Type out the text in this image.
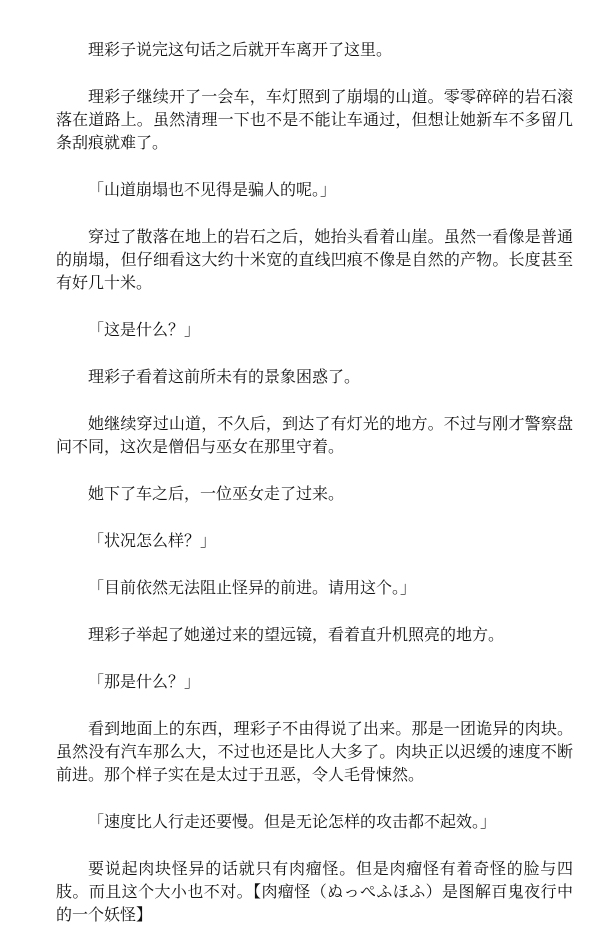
理彩子说完这句话之后就开车离开了这里。

理彩子继续开了一会车，车灯照到了崩塌的山道。零零碎碎的岩石滚落在道路上。虽然清理一下也不是不能让车通过，但想让她新车不多留几条刮痕就难了。

「山道崩塌也不见得是骗人的呢。」

穿过了散落在地上的岩石之后，她抬头看着山崖。虽然一看像是普通的崩塌，但仔细看这大约十米宽的直线凹痕不像是自然的产物。长度甚至有好几十米。

「这是什么？」

理彩子看着这前所未有的景象困惑了。

她继续穿过山道，不久后，到达了有灯光的地方。不过与刚才警察盘问不同，这次是僧侣与巫女在那里守着。

她下了车之后，一位巫女走了过来。

「状况怎么样？」

「目前依然无法阻止怪异的前进。请用这个。」

理彩子举起了她递过来的望远镜，看着直升机照亮的地方。

「那是什么？」

看到地面上的东西，理彩子不由得说了出来。那是一团诡异的肉块。虽然没有汽车那么大，不过也还是比人大多了。肉块正以迟缓的速度不断前进。那个样子实在是太过于丑恶，令人毛骨悚然。

「速度比人行走还要慢。但是无论怎样的攻击都不起效。」

要说起肉块怪异的话就只有肉瘤怪。但是肉瘤怪有着奇怪的脸与四肢。而且这个大小也不对。【肉瘤怪（ぬっぺふほふ）是图解百鬼夜行中的一个妖怪】
